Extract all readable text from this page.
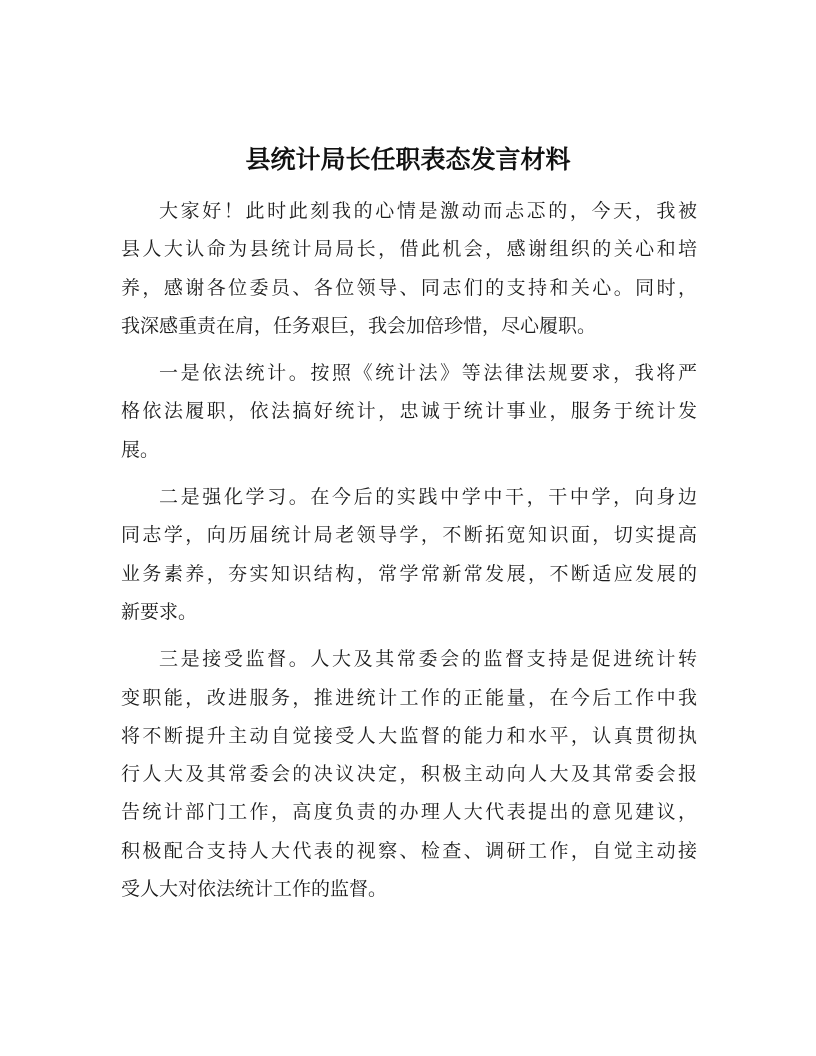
县统计局长任职表态发言材料
大家好！此时此刻我的心情是激动而忐忑的，今天，我被
县人大认命为县统计局局长，借此机会，感谢组织的关心和培
养，感谢各位委员、各位领导、同志们的支持和关心。同时，
我深感重责在肩，任务艰巨，我会加倍珍惜，尽心履职。
一是依法统计。按照《统计法》等法律法规要求，我将严
格依法履职，依法搞好统计，忠诚于统计事业，服务于统计发
展。
二是强化学习。在今后的实践中学中干，干中学，向身边
同志学，向历届统计局老领导学，不断拓宽知识面，切实提高
业务素养，夯实知识结构，常学常新常发展，不断适应发展的
新要求。
三是接受监督。人大及其常委会的监督支持是促进统计转
变职能，改进服务，推进统计工作的正能量，在今后工作中我
将不断提升主动自觉接受人大监督的能力和水平，认真贯彻执
行人大及其常委会的决议决定，积极主动向人大及其常委会报
告统计部门工作，高度负责的办理人大代表提出的意见建议，
积极配合支持人大代表的视察、检查、调研工作，自觉主动接
受人大对依法统计工作的监督。
